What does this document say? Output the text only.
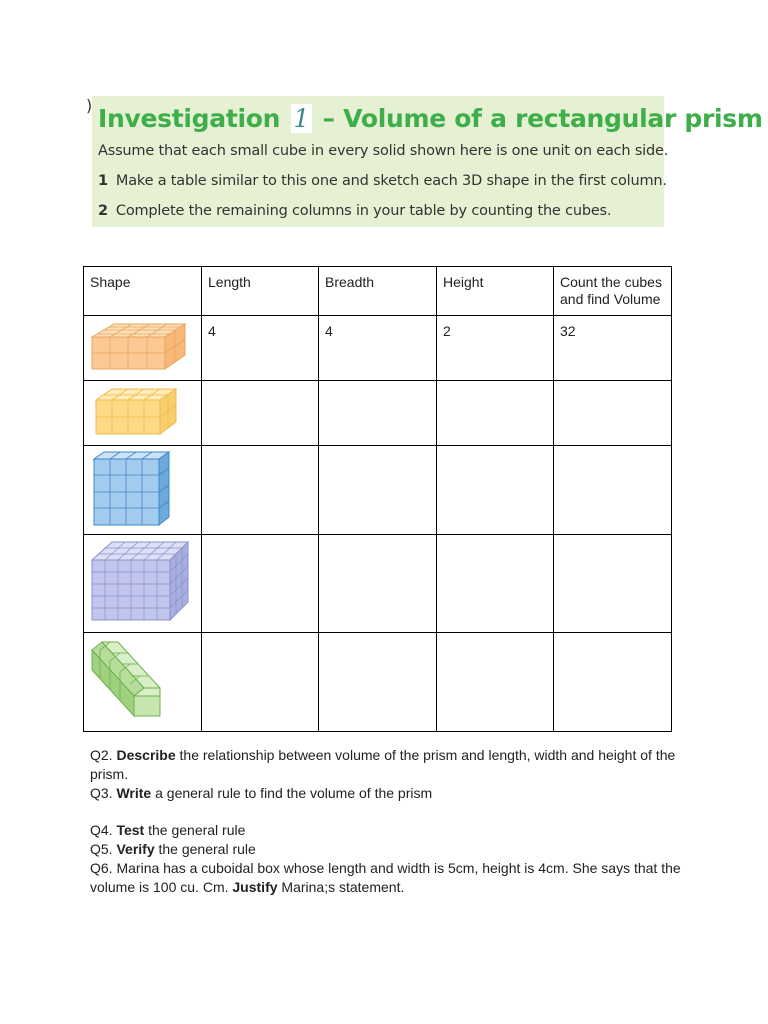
) Investigation 1 – Volume of a rectangular prism
Assume that each small cube in every solid shown here is one unit on each side.
1 Make a table similar to this one and sketch each 3D shape in the first column.
2 Complete the remaining columns in your table by counting the cubes.
Shape	Length	Breadth	Height	Count the cubes and find Volume
	4	4	2	32

Q2. Describe the relationship between volume of the prism and length, width and height of the prism.

Q3. Write a general rule to find the volume of the prism

Q4. Test the general rule

Q5. Verify the general rule

Q6. Marina has a cuboidal box whose length and width is 5cm, height is 4cm. She says that the volume is 100 cu. Cm. Justify Marina;s statement.
